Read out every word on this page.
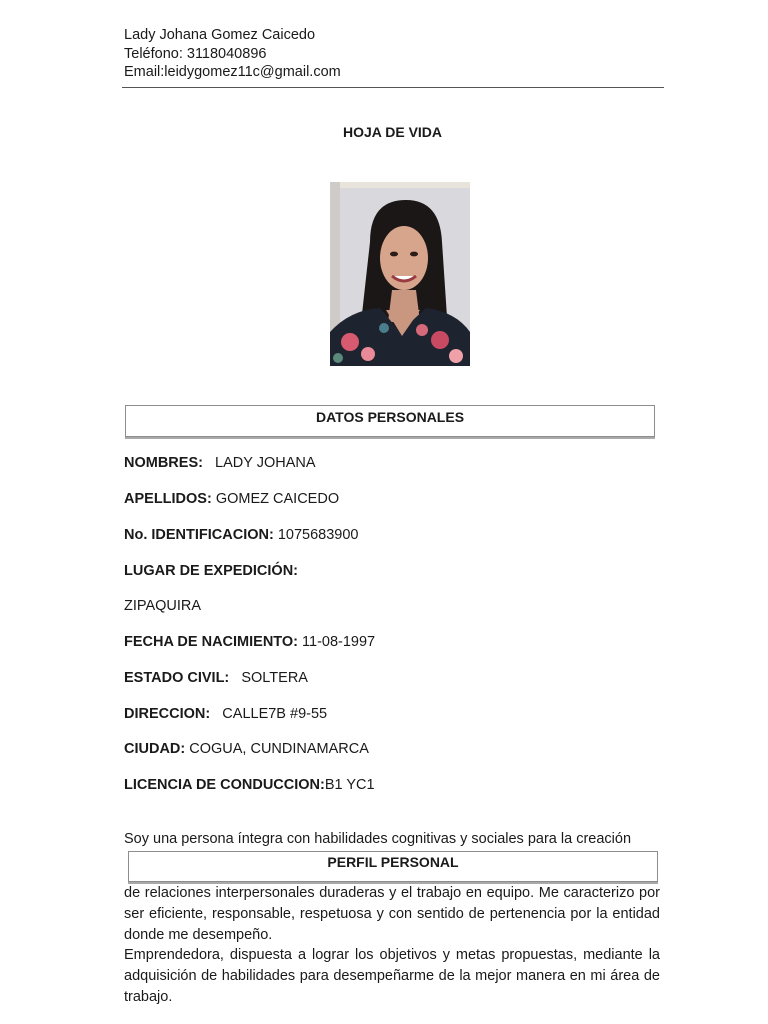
Lady Johana Gomez Caicedo
Teléfono: 3118040896
Email:leidygomez11c@gmail.com
HOJA DE VIDA
DATOS PERSONALES
NOMBRES: LADY JOHANA
APELLIDOS: GOMEZ CAICEDO
No. IDENTIFICACION: 1075683900
LUGAR DE EXPEDICIÓN:
ZIPAQUIRA
FECHA DE NACIMIENTO: 11-08-1997
ESTADO CIVIL: SOLTERA
DIRECCION: CALLE7B #9-55
CIUDAD: COGUA, CUNDINAMARCA
LICENCIA DE CONDUCCION:B1 YC1
Soy una persona íntegra con habilidades cognitivas y sociales para la creación
PERFIL PERSONAL

de relaciones interpersonales duraderas y el trabajo en equipo. Me caracterizo por ser eficiente, responsable, respetuosa y con sentido de pertenencia por la entidad donde me desempeño.

Emprendedora, dispuesta a lograr los objetivos y metas propuestas, mediante la adquisición de habilidades para desempeñarme de la mejor manera en mi área de trabajo.
